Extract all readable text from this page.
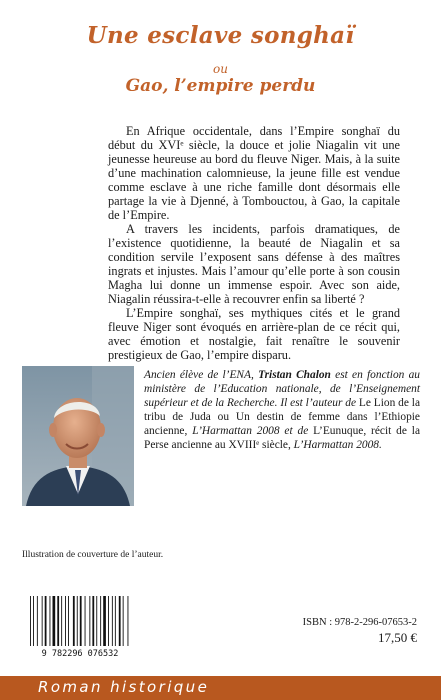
Une esclave songhaï
ou
Gao, l’empire perdu

En Afrique occidentale, dans l’Empire songhaï du début du XVIᵉ siècle, la douce et jolie Niagalin vit une jeunesse heureuse au bord du fleuve Niger. Mais, à la suite d’une machination calomnieuse, la jeune fille est vendue comme esclave à une riche famille dont désormais elle partage la vie à Djenné, à Tombouctou, à Gao, la capitale de l’Empire.

A travers les incidents, parfois dramatiques, de l’existence quotidienne, la beauté de Niagalin et sa condition servile l’exposent sans défense à des maîtres ingrats et injustes. Mais l’amour qu’elle porte à son cousin Magha lui donne un immense espoir. Avec son aide, Niagalin réussira-t-elle à recouvrer enfin sa liberté ?

L’Empire songhaï, ses mythiques cités et le grand fleuve Niger sont évoqués en arrière-plan de ce récit qui, avec émotion et nostalgie, fait renaître le souvenir prestigieux de Gao, l’empire disparu.

Ancien élève de l’ENA, Tristan Chalon est en fonction au ministère de l’Education nationale, de l’Enseignement supérieur et de la Recherche. Il est l’auteur de Le Lion de la tribu de Juda ou Un destin de femme dans l’Ethiopie ancienne, L’Harmattan 2008 et de L’Eunuque, récit de la Perse ancienne au XVIIIᵉ siècle, L’Harmattan 2008.

Illustration de couverture de l’auteur.

9 782296 076532
ISBN : 978-2-296-07653-2
17,50 €
Roman historique
